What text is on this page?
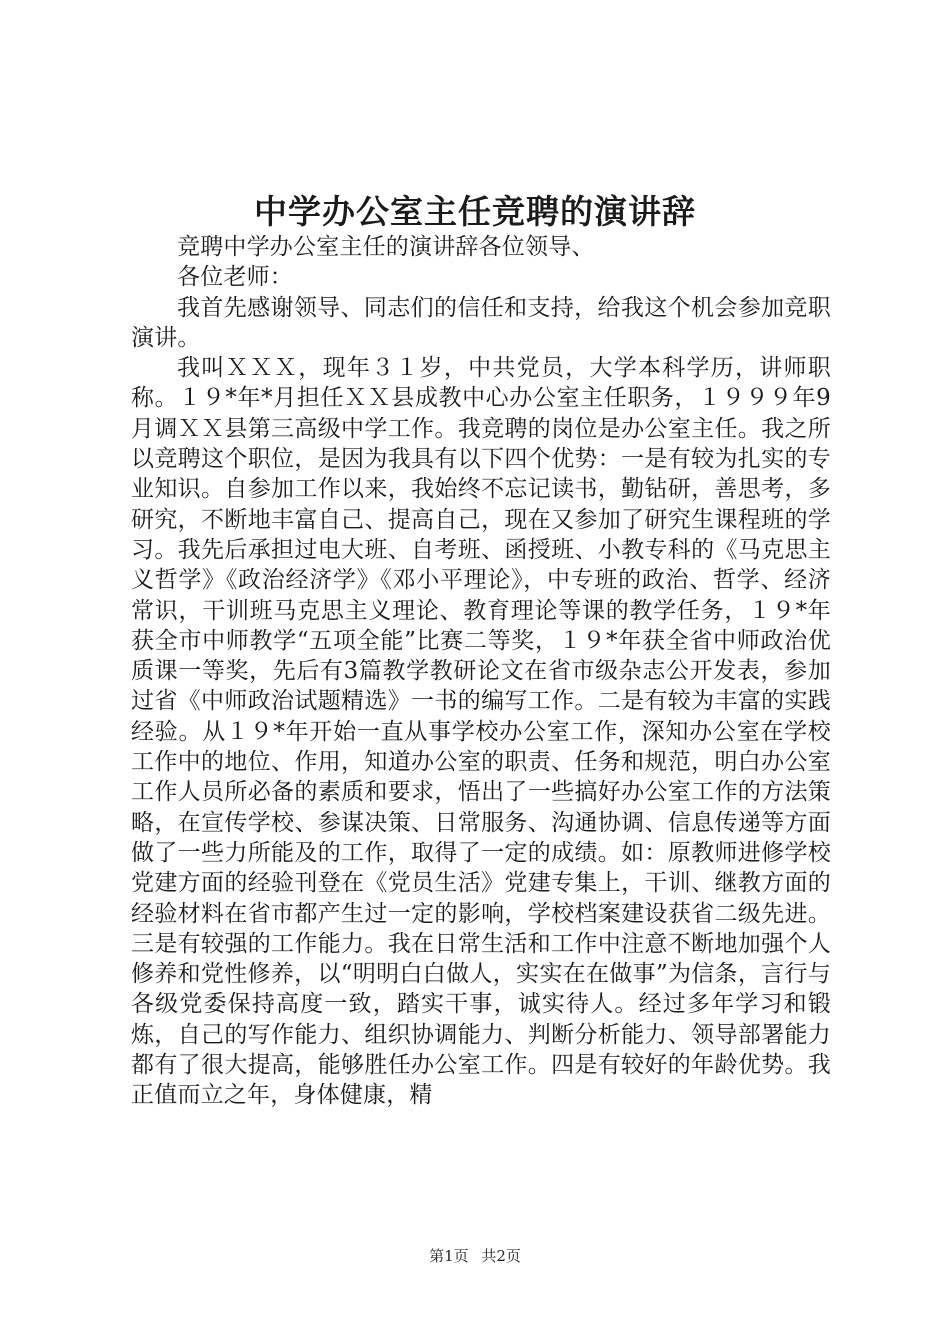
中学办公室主任竞聘的演讲辞

竞聘中学办公室主任的演讲辞各位领导、

各位老师：

我首先感谢领导、同志们的信任和支持，给我这个机会参加竞职演讲。

我叫ＸＸＸ，现年３１岁，中共党员，大学本科学历，讲师职称。１９*年*月担任ＸＸ县成教中心办公室主任职务，１９９９年9月调ＸＸ县第三高级中学工作。我竞聘的岗位是办公室主任。我之所以竞聘这个职位，是因为我具有以下四个优势：一是有较为扎实的专业知识。自参加工作以来，我始终不忘记读书，勤钻研，善思考，多研究，不断地丰富自己、提高自己，现在又参加了研究生课程班的学习。我先后承担过电大班、自考班、函授班、小教专科的《马克思主义哲学》《政治经济学》《邓小平理论》，中专班的政治、哲学、经济常识，干训班马克思主义理论、教育理论等课的教学任务，１９*年获全市中师教学“五项全能”比赛二等奖，１９*年获全省中师政治优质课一等奖，先后有3篇教学教研论文在省市级杂志公开发表，参加过省《中师政治试题精选》一书的编写工作。二是有较为丰富的实践经验。从１９*年开始一直从事学校办公室工作，深知办公室在学校工作中的地位、作用，知道办公室的职责、任务和规范，明白办公室工作人员所必备的素质和要求，悟出了一些搞好办公室工作的方法策略，在宣传学校、参谋决策、日常服务、沟通协调、信息传递等方面做了一些力所能及的工作，取得了一定的成绩。如：原教师进修学校党建方面的经验刊登在《党员生活》党建专集上，干训、继教方面的经验材料在省市都产生过一定的影响，学校档案建设获省二级先进。三是有较强的工作能力。我在日常生活和工作中注意不断地加强个人修养和党性修养，以“明明白白做人，实实在在做事”为信条，言行与各级党委保持高度一致，踏实干事，诚实待人。经过多年学习和锻炼，自己的写作能力、组织协调能力、判断分析能力、领导部署能力都有了很大提高，能够胜任办公室工作。四是有较好的年龄优势。我正值而立之年，身体健康，精

第1页 共2页
